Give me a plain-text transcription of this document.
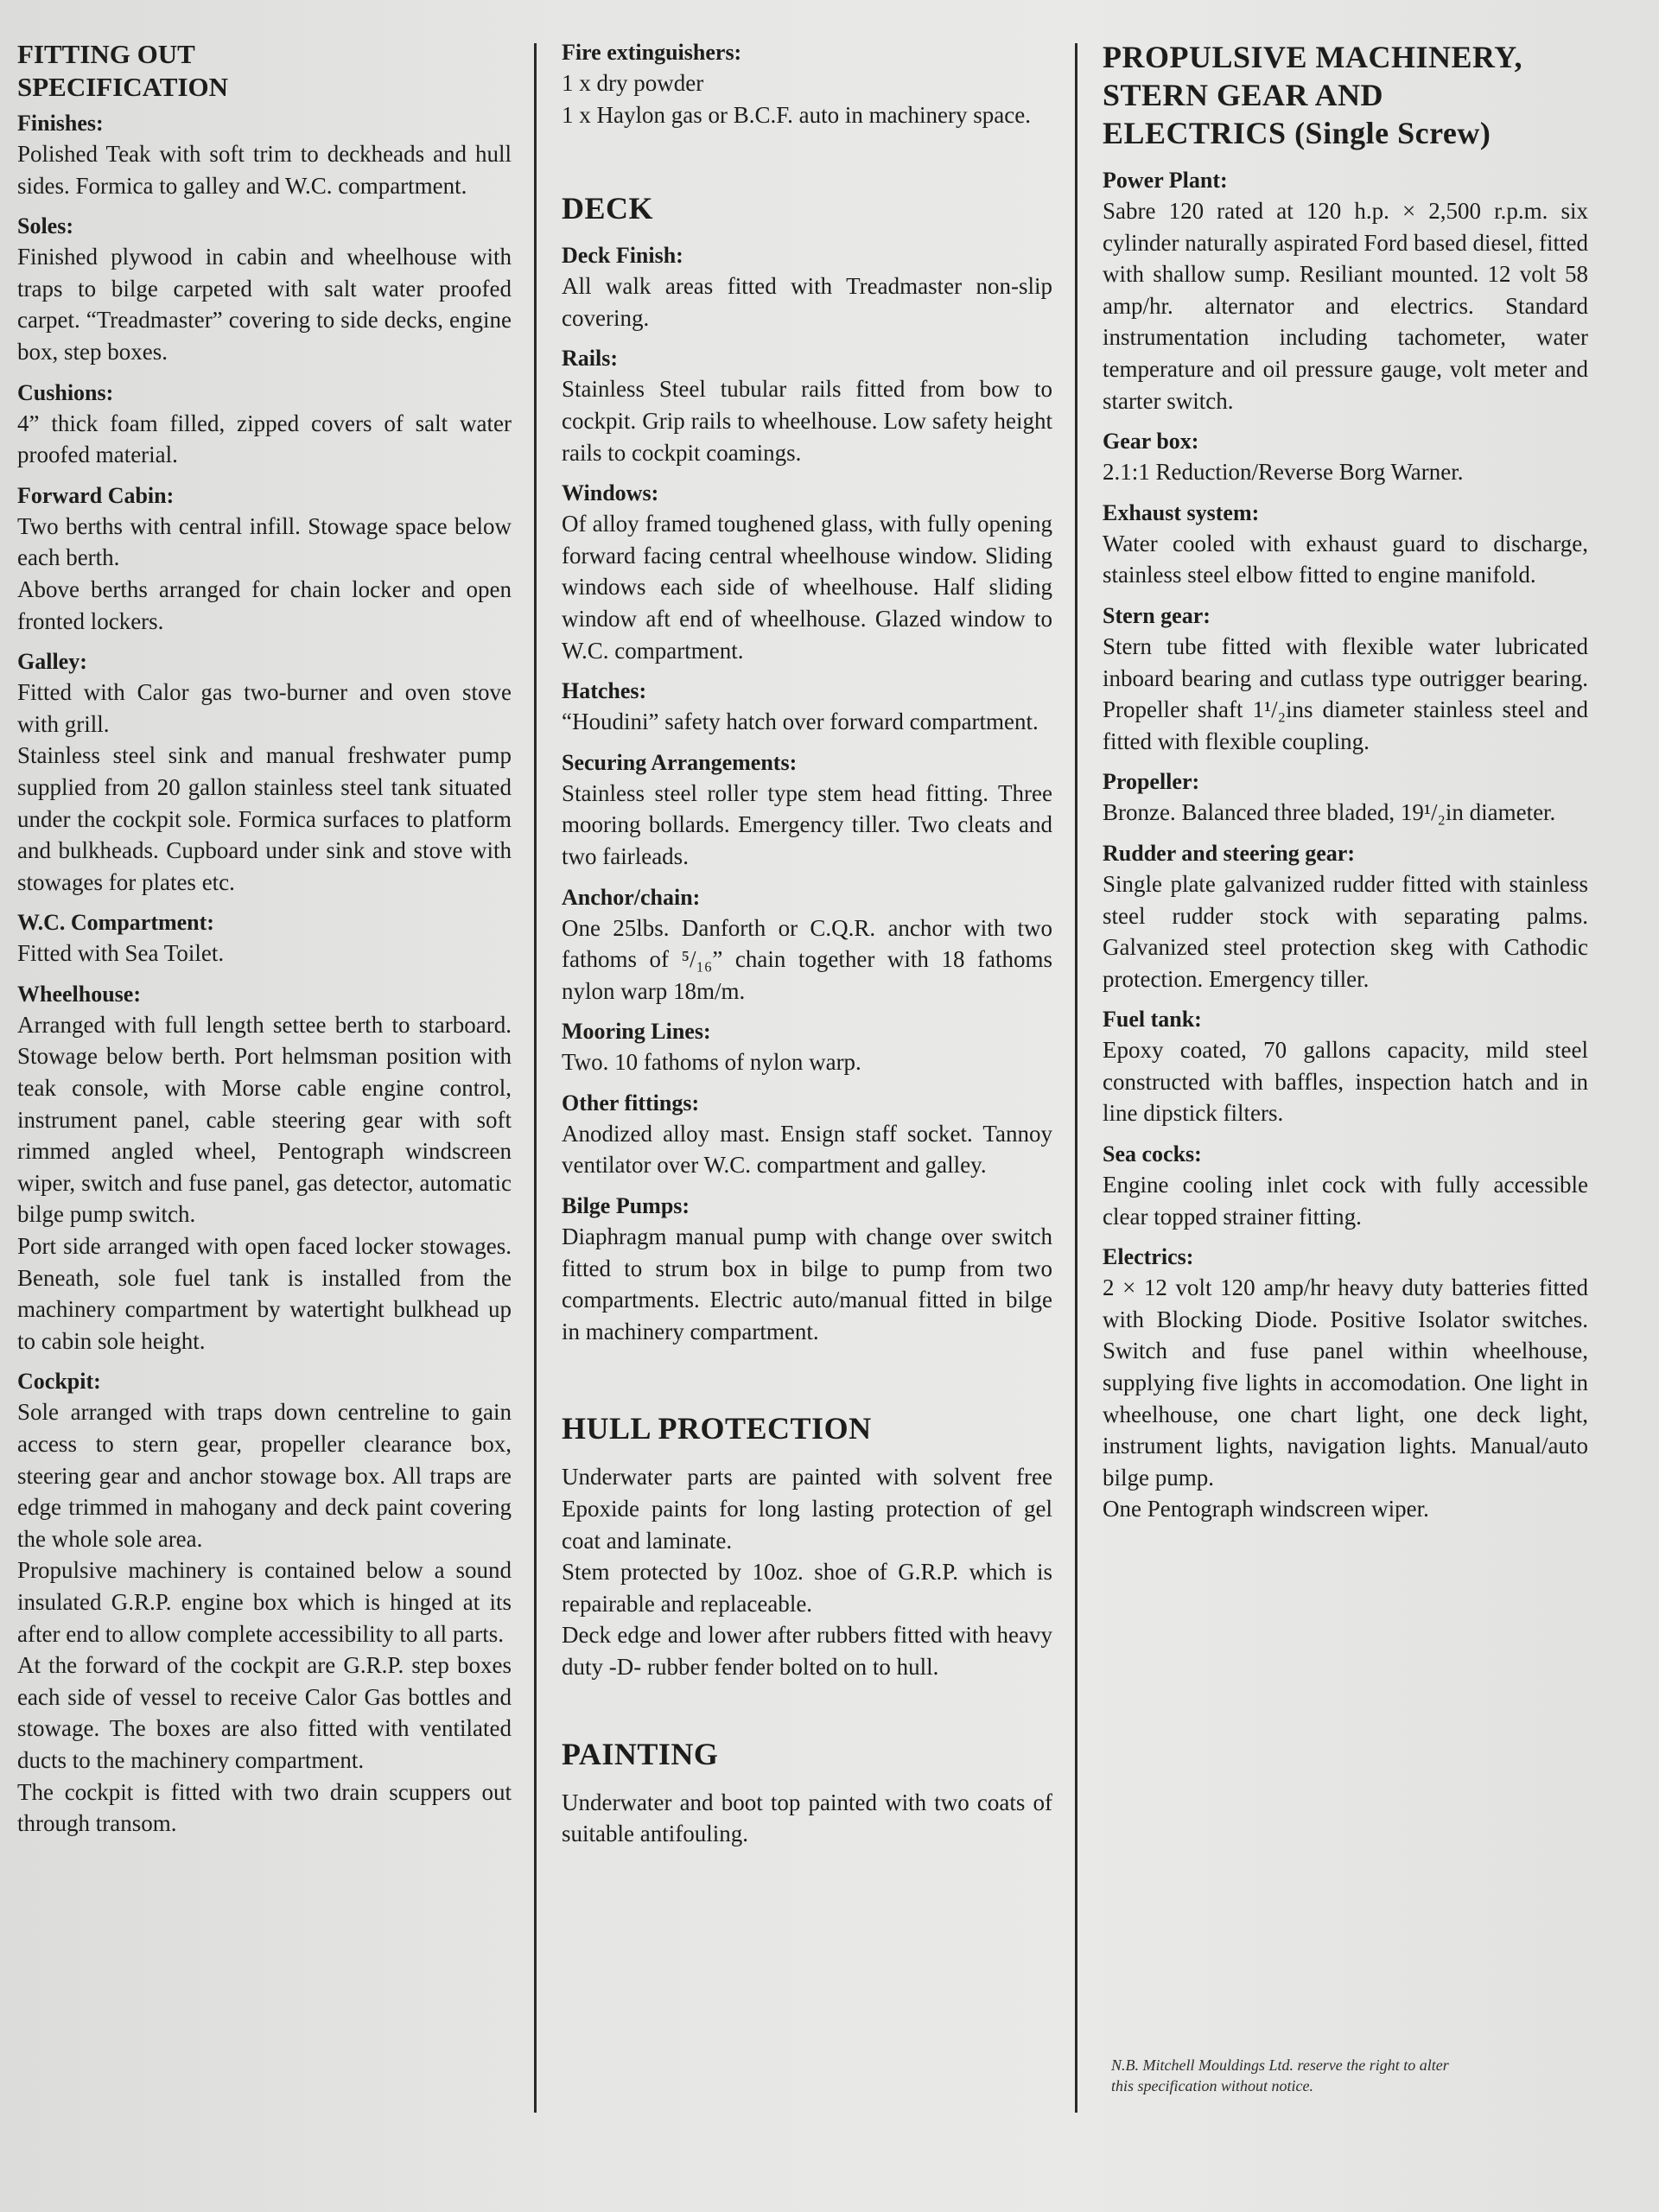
FITTING OUT
SPECIFICATION
Finishes:

Polished Teak with soft trim to deckheads and hull sides. Formica to galley and W.C. compartment.

Soles:

Finished plywood in cabin and wheelhouse with traps to bilge carpeted with salt water proofed carpet. “Treadmaster” covering to side decks, engine box, step boxes.

Cushions:

4” thick foam filled, zipped covers of salt water proofed material.

Forward Cabin:

Two berths with central infill. Stowage space below each berth.

Above berths arranged for chain locker and open fronted lockers.

Galley:

Fitted with Calor gas two-burner and oven stove with grill.

Stainless steel sink and manual freshwater pump supplied from 20 gallon stainless steel tank situated under the cockpit sole. Formica surfaces to platform and bulkheads. Cupboard under sink and stove with stowages for plates etc.

W.C. Compartment:

Fitted with Sea Toilet.

Wheelhouse:

Arranged with full length settee berth to starboard. Stowage below berth. Port helmsman position with teak console, with Morse cable engine control, instrument panel, cable steering gear with soft rimmed angled wheel, Pentograph windscreen wiper, switch and fuse panel, gas detector, automatic bilge pump switch.

Port side arranged with open faced locker stowages. Beneath, sole fuel tank is installed from the machinery compartment by watertight bulkhead up to cabin sole height.

Cockpit:

Sole arranged with traps down centreline to gain access to stern gear, propeller clearance box, steering gear and anchor stowage box. All traps are edge trimmed in mahogany and deck paint covering the whole sole area.

Propulsive machinery is contained below a sound insulated G.R.P. engine box which is hinged at its after end to allow complete accessibility to all parts.

At the forward of the cockpit are G.R.P. step boxes each side of vessel to receive Calor Gas bottles and stowage. The boxes are also fitted with ventilated ducts to the machinery compartment.

The cockpit is fitted with two drain scuppers out through transom.

Fire extinguishers:

1 x dry powder

1 x Haylon gas or B.C.F. auto in machinery space.

DECK
Deck Finish:

All walk areas fitted with Treadmaster non-slip covering.

Rails:

Stainless Steel tubular rails fitted from bow to cockpit. Grip rails to wheelhouse. Low safety height rails to cockpit coamings.

Windows:

Of alloy framed toughened glass, with fully opening forward facing central wheelhouse window. Sliding windows each side of wheelhouse. Half sliding window aft end of wheelhouse. Glazed window to W.C. compartment.

Hatches:

“Houdini” safety hatch over forward compartment.

Securing Arrangements:

Stainless steel roller type stem head fitting. Three mooring bollards. Emergency tiller. Two cleats and two fairleads.

Anchor/chain:

One 25lbs. Danforth or C.Q.R. anchor with two fathoms of ⁵/₁₆” chain together with 18 fathoms nylon warp 18m/m.

Mooring Lines:

Two. 10 fathoms of nylon warp.

Other fittings:

Anodized alloy mast. Ensign staff socket. Tannoy ventilator over W.C. compartment and galley.

Bilge Pumps:

Diaphragm manual pump with change over switch fitted to strum box in bilge to pump from two compartments. Electric auto/manual fitted in bilge in machinery compartment.

HULL PROTECTION

Underwater parts are painted with solvent free Epoxide paints for long lasting protection of gel coat and laminate.

Stem protected by 10oz. shoe of G.R.P. which is repairable and replaceable.

Deck edge and lower after rubbers fitted with heavy duty -D- rubber fender bolted on to hull.

PAINTING

Underwater and boot top painted with two coats of suitable antifouling.

PROPULSIVE MACHINERY,
STERN GEAR AND
ELECTRICS (Single Screw)
Power Plant:

Sabre 120 rated at 120 h.p. × 2,500 r.p.m. six cylinder naturally aspirated Ford based diesel, fitted with shallow sump. Resiliant mounted. 12 volt 58 amp/hr. alternator and electrics. Standard instrumentation including tachometer, water temperature and oil pressure gauge, volt meter and starter switch.

Gear box:

2.1:1 Reduction/Reverse Borg Warner.

Exhaust system:

Water cooled with exhaust guard to discharge, stainless steel elbow fitted to engine manifold.

Stern gear:

Stern tube fitted with flexible water lubricated inboard bearing and cutlass type outrigger bearing. Propeller shaft 1¹/₂ins diameter stainless steel and fitted with flexible coupling.

Propeller:

Bronze. Balanced three bladed, 19¹/₂in diameter.

Rudder and steering gear:

Single plate galvanized rudder fitted with stainless steel rudder stock with separating palms. Galvanized steel protection skeg with Cathodic protection. Emergency tiller.

Fuel tank:

Epoxy coated, 70 gallons capacity, mild steel constructed with baffles, inspection hatch and in line dipstick filters.

Sea cocks:

Engine cooling inlet cock with fully accessible clear topped strainer fitting.

Electrics:

2 × 12 volt 120 amp/hr heavy duty batteries fitted with Blocking Diode. Positive Isolator switches. Switch and fuse panel within wheelhouse, supplying five lights in accomodation. One light in wheelhouse, one chart light, one deck light, instrument lights, navigation lights. Manual/auto bilge pump.

One Pentograph windscreen wiper.

N.B. Mitchell Mouldings Ltd. reserve the right to alter
this specification without notice.
